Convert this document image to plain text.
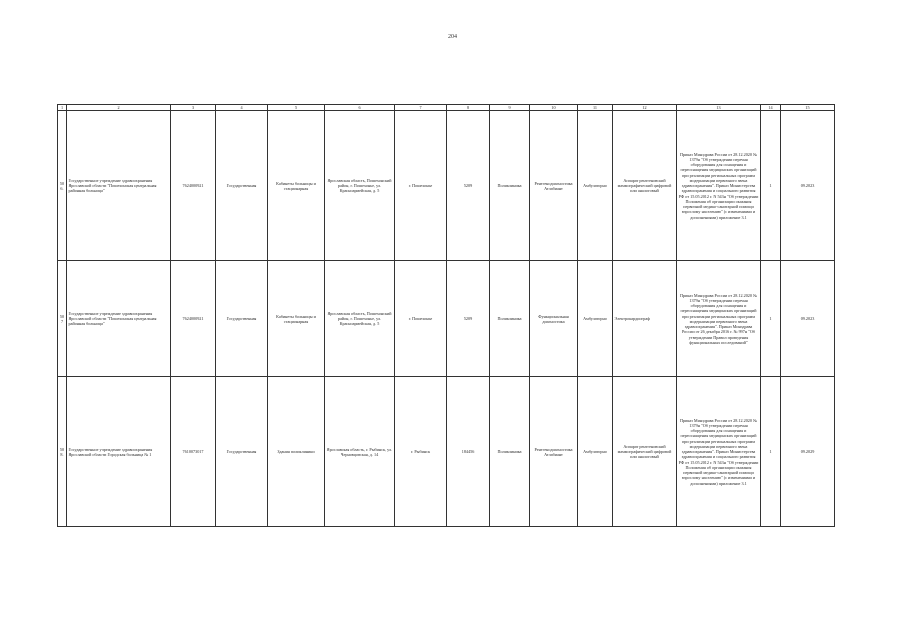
204
1	2	3	4	5	6	7	8	9	10	11	12	13	14	15
506.	Государственное учреждение здравоохранения Ярославской области "Пошехонская центральная районная больница"	7624000921	Государственная	Кабинеты больницы и стационарная	Ярославская область, Пошехонский район, г. Пошехонье, ул. Красноармейская, д. 5	г. Пошехонье	5209	Поликлиника	Рентгенодиагностика Атлабиант	Амбулаторно	Аппарат рентгеновский маммографический цифровой или аналоговый	Приказ Минздрава России от 28.12.2020 № 1379н "Об утверждении перечня оборудования для оснащения и переоснащения медицинских организаций при реализации региональных программ модернизации первичного звена здравоохранения". Приказ Министерства здравоохранения и социального развития РФ от 15.05.2012 г. N 543н "Об утверждении Положения об организации оказания первичной медико-санитарной помощи взрослому населению" (с изменениями и дополнениями) приложение 3.1	1	09.2023
507	Государственное учреждение здравоохранения Ярославской области "Пошехонская центральная районная больница"	7624000921	Государственная	Кабинеты больницы и стационарная	Ярославская область, Пошехонский район, г. Пошехонье, ул. Красноармейская, д. 5	г. Пошехонье	5209	Поликлиника	Функциональная диагностика	Амбулаторно	Электрокардиограф	Приказ Минздрава России от 28.12.2020 № 1379н "Об утверждении перечня оборудования для оснащения и переоснащения медицинских организаций при реализации региональных программ модернизации первичного звена здравоохранения". Приказ Минздрава России от 26 декабря 2016 г. № 997н "Об утверждении Правил проведения функциональных исследований"	1	09.2023
508.	Государственное учреждение здравоохранения Ярославской области Городская больница № 1	7610073017	Государственная	Здания поликлиники	Ярославская область, г. Рыбинск, ул. Черновцовская, д. 14	г. Рыбинск	184456	Поликлиника	Рентгенодиагностика Атлабиант	Амбулаторно	Аппарат рентгеновский маммографический цифровой или аналоговый	Приказ Минздрава России от 28.12.2020 № 1379н "Об утверждении перечня оборудования для оснащения и переоснащения медицинских организаций при реализации региональных программ модернизации первичного звена здравоохранения". Приказ Министерства здравоохранения и социального развития РФ от 15.05.2012 г. N 543н "Об утверждении Положения об организации оказания первичной медико-санитарной помощи взрослому населению" (с изменениями и дополнениями) приложение 3.1	1	09.2029
